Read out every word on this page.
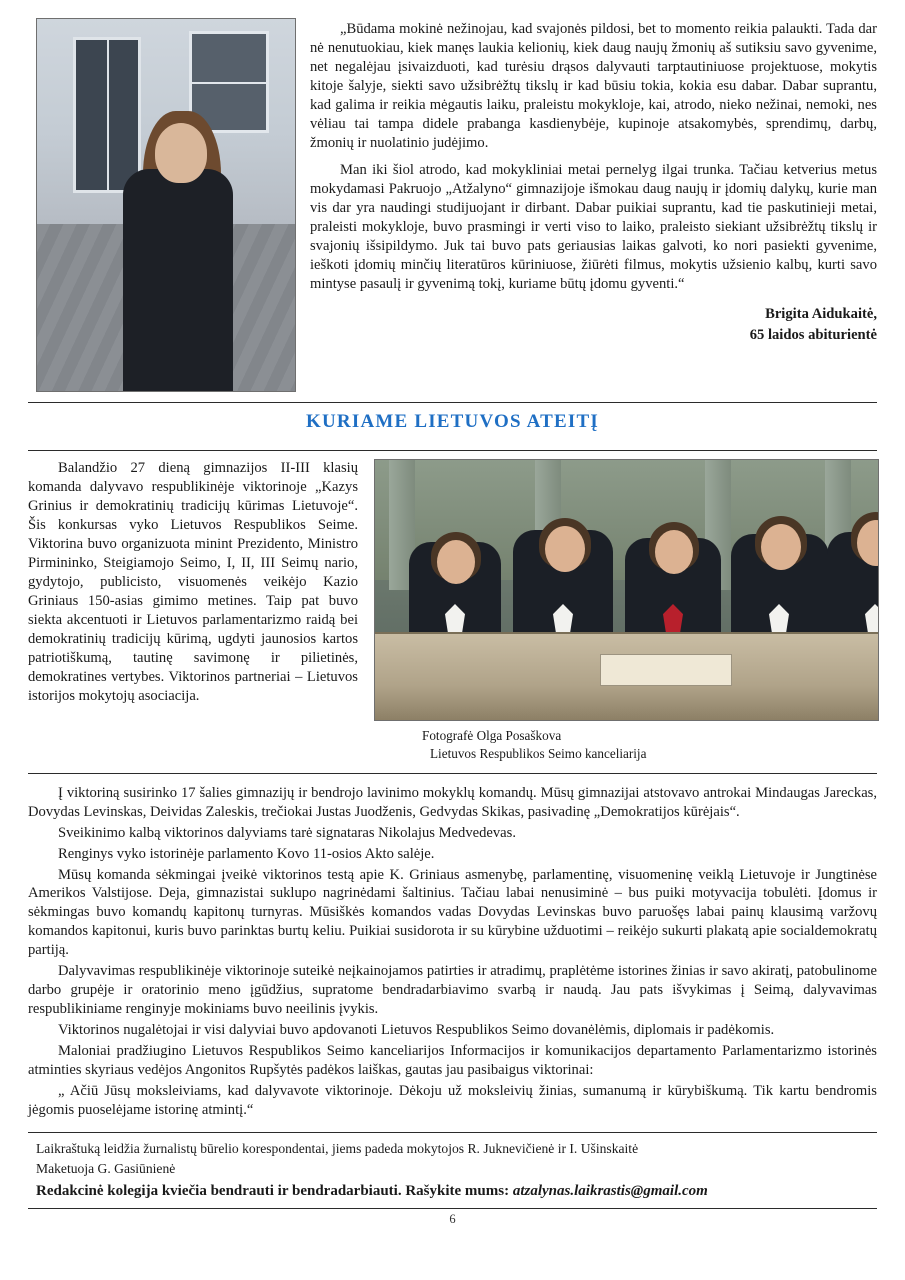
„Būdama mokinė nežinojau, kad svajonės pildosi, bet to momento reikia palaukti. Tada dar nė nenutuokiau, kiek manęs laukia kelionių, kiek daug naujų žmonių aš sutiksiu savo gyvenime, net negalėjau įsivaizduoti, kad turėsiu drąsos dalyvauti tarptautiniuose projektuose, mokytis kitoje šalyje, siekti savo užsibrėžtų tikslų ir kad būsiu tokia, kokia esu dabar. Dabar suprantu, kad galima ir reikia mėgautis laiku, praleistu mokykloje, kai, atrodo, nieko nežinai, nemoki, nes vėliau tai tampa didele prabanga kasdienybėje, kupinoje atsakomybės, sprendimų, darbų, žmonių ir nuolatinio judėjimo.

Man iki šiol atrodo, kad mokykliniai metai pernelyg ilgai trunka. Tačiau ketverius metus mokydamasi Pakruojo „Atžalyno“ gimnazijoje išmokau daug naujų ir įdomių dalykų, kurie man vis dar yra naudingi studijuojant ir dirbant. Dabar puikiai suprantu, kad tie paskutinieji metai, praleisti mokykloje, buvo prasmingi ir verti viso to laiko, praleisto siekiant užsibrėžtų tikslų ir svajonių išsipildymo. Juk tai buvo pats geriausias laikas galvoti, ko nori pasiekti gyvenime, ieškoti įdomių minčių literatūros kūriniuose, žiūrėti filmus, mokytis užsienio kalbų, kurti savo mintyse pasaulį ir gyvenimą tokį, kuriame būtų įdomu gyventi.“

Brigita Aidukaitė,
65 laidos abiturientė
KURIAME LIETUVOS ATEITĮ

Balandžio 27 dieną gimnazijos II-III klasių komanda dalyvavo respublikinėje viktorinoje „Kazys Grinius ir demokratinių tradicijų kūrimas Lietuvoje“. Šis konkursas vyko Lietuvos Respublikos Seime. Viktorina buvo organizuota minint Prezidento, Ministro Pirmininko, Steigiamojo Seimo, I, II, III Seimų nario, gydytojo, publicisto, visuomenės veikėjo Kazio Griniaus 150-asias gimimo metines. Taip pat buvo siekta akcentuoti ir Lietuvos parlamentarizmo raidą bei demokratinių tradicijų kūrimą, ugdyti jaunosios kartos patriotiškumą, tautinę savimonę ir pilietinės, demokratines vertybes. Viktorinos partneriai – Lietuvos istorijos mokytojų asociacija.

Fotografė Olga Posaškova
Lietuvos Respublikos Seimo kanceliarija

Į viktoriną susirinko 17 šalies gimnazijų ir bendrojo lavinimo mokyklų komandų. Mūsų gimnazijai atstovavo antrokai Mindaugas Jareckas, Dovydas Levinskas, Deividas Zaleskis, trečiokai Justas Juodženis, Gedvydas Skikas, pasivadinę „Demokratijos kūrėjais“.

Sveikinimo kalbą viktorinos dalyviams tarė signataras Nikolajus Medvedevas.

Renginys vyko istorinėje parlamento Kovo 11-osios Akto salėje.

Mūsų komanda sėkmingai įveikė viktorinos testą apie K. Griniaus asmenybę, parlamentinę, visuomeninę veiklą Lietuvoje ir Jungtinėse Amerikos Valstijose. Deja, gimnazistai suklupo nagrinėdami šaltinius. Tačiau labai nenusiminė – bus puiki motyvacija tobulėti. Įdomus ir sėkmingas buvo komandų kapitonų turnyras. Mūsiškės komandos vadas Dovydas Levinskas buvo paruošęs labai painų klausimą varžovų komandos kapitonui, kuris buvo parinktas burtų keliu. Puikiai susidorota ir su kūrybine užduotimi – reikėjo sukurti plakatą apie socialdemokratų partiją.

Dalyvavimas respublikinėje viktorinoje suteikė neįkainojamos patirties ir atradimų, praplėtėme istorines žinias ir savo akiratį, patobulinome darbo grupėje ir oratorinio meno įgūdžius, supratome bendradarbiavimo svarbą ir naudą. Jau pats išvykimas į Seimą, dalyvavimas respublikiniame renginyje mokiniams buvo neeilinis įvykis.

Viktorinos nugalėtojai ir visi dalyviai buvo apdovanoti Lietuvos Respublikos Seimo dovanėlėmis, diplomais ir padėkomis.

Maloniai pradžiugino Lietuvos Respublikos Seimo kanceliarijos Informacijos ir komunikacijos departamento Parlamentarizmo istorinės atminties skyriaus vedėjos Angonitos Rupšytės padėkos laiškas, gautas jau pasibaigus viktorinai:

„ Ačiū Jūsų moksleiviams, kad dalyvavote viktorinoje. Dėkoju už moksleivių žinias, sumanumą ir kūrybiškumą. Tik kartu bendromis jėgomis puoselėjame istorinę atmintį.“

Laikraštuką leidžia žurnalistų būrelio korespondentai, jiems padeda mokytojos R. Juknevičienė ir I. Ušinskaitė
Maketuoja G. Gasiūnienė
Redakcinė kolegija kviečia bendrauti ir bendradarbiauti. Rašykite mums: atzalynas.laikrastis@gmail.com
6
